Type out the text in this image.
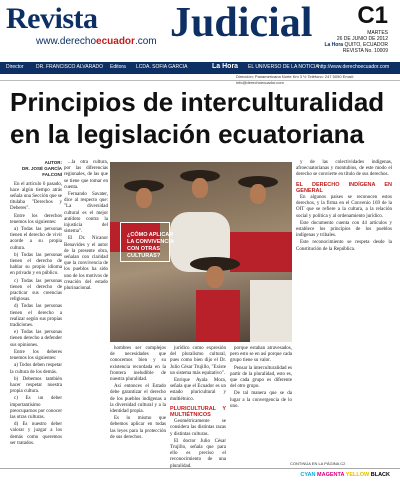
Revista Judicial
www.derechoecuador.com
C1
MARTES
26 DE JUNIO DE 2012
La Hora QUITO, ECUADOR
REVISTA No. 10009
Director DR. FRANCISCO ALVARADO Editora LCDA. SOFIA GARCIA	La Hora EL UNIVERSO DE LA NOTICIA http://www.derechoecuador.com
Dirección: Panamericana Norte Km 3 ½ Teléfono: 247 5050 Email: info@derechoecuador.com
Principios de interculturalidad en la legislación ecuatoriana
AUTOR:
DR. JOSÉ GARCÍA FALCONÍ

En el artículo 6 pasado, hace algún tiempo atrás señala una Sección que se titulaba "Derechos y Deberes".

Entre los derechos tenemos los siguientes:

a) Todas las personas tienen el derecho de vivir acorde a su propia cultura.

b) Todas las personas tienen el derecho de hablar su propio idioma en privado y en público.

c) Todas las personas tienen el derecho de practicar sus creencias religiosas.

d) Todas las personas tienen el derecho a realizar según sus propias tradiciones.

e) Todas las personas tienen derecho a defender sus opiniones.

Entre los deberes tenemos los siguientes:

a) Todos deben respetar la cultura de los demás.

b) Debemos también hacer respetar nuestra propia cultura.

c) Es un deber importantísimo preocuparnos por conocer las otras culturas.

d) Es nuestro deber valorar y juzgar a los demás como queremos ser tratados.

...la otra cultura, por las diferencias regionales, de las que se tiene que tomar en cuenta.

Fernando Savater, dice al respecto que: "La diversidad cultural es el mejor antídoto contra la injusticia del sistema".

El Dr. Nicanor Benavides y el autor de la presente obra, señalan con claridad que la convivencia de los pueblos ha sido uno de los motivos de creación del estado plurinacional.

¿CÓMO APLICAR LA CONVIVENCIA CON OTRAS CULTURAS?

y de las colectividades indígenas, afroecuatorianas y montubios, de este modo el derecho se convierte en título de sus derechos.

EL DERECHO INDÍGENA EN GENERAL

En algunos países se reconocen estos derechos, y la firma en el Convenio 169 de la OIT que se refiere a la cultura, a la relación social y política y al ordenamiento jurídico.

Este documento cuenta con 44 artículos y establece los principios de los pueblos indígenas y tribales.

Este reconocimiento se respeta desde la Constitución de la República.

hombres ser complejos de necesidades que conocemos bien y su existencia recordada en la frontera ineludible de nuestra pluralidad.

Así entonces el Estado debe garantizar el derecho de los pueblos indígenas a la diversidad cultural y a la identidad propia.

Es lo mismo que debemos aplicar en todas las leyes para la protección de sus derechos.

jurídico como expresión del pluralismo cultural, pues como bien dijo el Dr. Julio César Trujillo, "Existe un sistema más equitativo".

Enrique Ayala Mora, señala que el Ecuador es un estado pluricultural y multiétnico.

PLURICULTURAL Y MULTIÉTNICOS

Geométricamente se considera las distintas razas y distintas culturas.

El doctor Julio César Trujillo, señala que para ello es preciso el reconocimiento de una pluralidad.

porque estaban atravesados, pero esto se en así porque cada grupo tiene su valor.

Pensar la interculturalidad es partir de la pluralidad, esto es, que cada grupo es diferente del otro grupo.

De tal manera que se da lugar a la convergencia de lo uno.

CONTINÚA EN LA PÁGINA C2
CYAN MAGENTA YELLOW BLACK
